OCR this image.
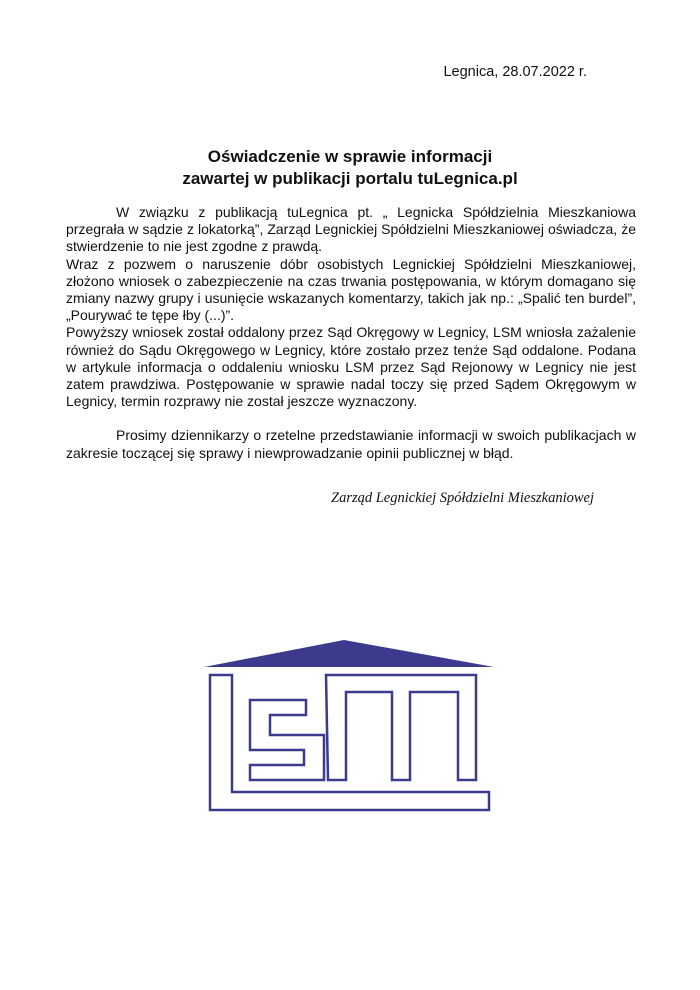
Legnica, 28.07.2022 r.
Oświadczenie w sprawie informacji
zawartej w publikacji portalu tuLegnica.pl

W związku z publikacją tuLegnica pt. „ Legnicka Spółdzielnia Mieszkaniowa przegrała w sądzie z lokatorką”, Zarząd Legnickiej Spółdzielni Mieszkaniowej oświadcza, że stwierdzenie to nie jest zgodne z prawdą.

Wraz z pozwem o naruszenie dóbr osobistych Legnickiej Spółdzielni Mieszkaniowej, złożono wniosek o zabezpieczenie na czas trwania postępowania, w którym domagano się zmiany nazwy grupy i usunięcie wskazanych komentarzy, takich jak np.: „Spalić ten burdel”, „Pourywać te tępe łby (...)”.

Powyższy wniosek został oddalony przez Sąd Okręgowy w Legnicy, LSM wniosła zażalenie również do Sądu Okręgowego w Legnicy, które zostało przez tenże Sąd oddalone. Podana w artykule informacja o oddaleniu wniosku LSM przez Sąd Rejonowy w Legnicy nie jest zatem prawdziwa. Postępowanie w sprawie nadal toczy się przed Sądem Okręgowym w Legnicy, termin rozprawy nie został jeszcze wyznaczony.

Prosimy dziennikarzy o rzetelne przedstawianie informacji w swoich publikacjach w zakresie toczącej się sprawy i niewprowadzanie opinii publicznej w błąd.

Zarząd Legnickiej Spółdzielni Mieszkaniowej
